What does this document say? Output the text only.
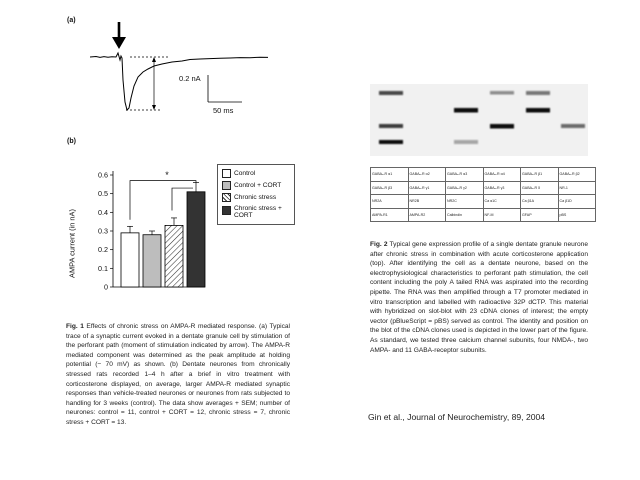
(a)
0.2 nA
50 ms
(b)
0
0.1
0.2
0.3
0.4
0.5
0.6	*
AMPA current (in nA)
Control
Control + CORT
Chronic stress
Chronic stress + CORT
Fig. 1 Effects of chronic stress on AMPA-R mediated response. (a) Typical trace of a synaptic current evoked in a dentate granule cell by stimulation of the perforant path (moment of stimulation indicated by arrow). The AMPA-R mediated component was determined as the peak amplitude at holding potential (− 70 mV) as shown. (b) Dentate neurones from chronically stressed rats recorded 1–4 h after a brief in vitro treatment with corticosterone displayed, on average, larger AMPA-R mediated synaptic responses than vehicle-treated neurones or neurones from rats subjected to handling for 3 weeks (control). The data show averages + SEM; number of neurones: control = 11, control + CORT = 12, chronic stress = 7, chronic stress + CORT = 13.
GABAₐ-R α1	GABAₐ-R α2	GABAₐ-R α3	GABAₐ-R α4	GABAₐ-R β1	GABAₐ-R β2
GABAₐ-R β3	GABAₐ-R γ1	GABAₐ-R γ2	GABAₐ-R γ3	GABAₐ-R δ	NR-1
NR2A	NR2B	NR2C	Ca α1C	Ca β1A	Ca β1D
AMPA-R1	AMPA-R2	Calbindin	NF-M	GFAP	pBS
Fig. 2 Typical gene expression profile of a single dentate granule neurone after chronic stress in combination with acute corticosterone application (top). After identifying the cell as a dentate neurone, based on the electrophysiological characteristics to perforant path stimulation, the cell content including the poly A tailed RNA was aspirated into the recording pipette. The RNA was then amplified through a T7 promoter mediated in vitro transcription and labelled with radioactive 32P dCTP. This material with hybridized on slot-blot with 23 cDNA clones of interest; the empty vector (pBlueScript = pBS) served as control. The identity and position on the blot of the cDNA clones used is depicted in the lower part of the figure. As standard, we tested three calcium channel subunits, four NMDA-, two AMPA- and 11 GABA-receptor subunits.
Gin et al., Journal of Neurochemistry, 89, 2004
